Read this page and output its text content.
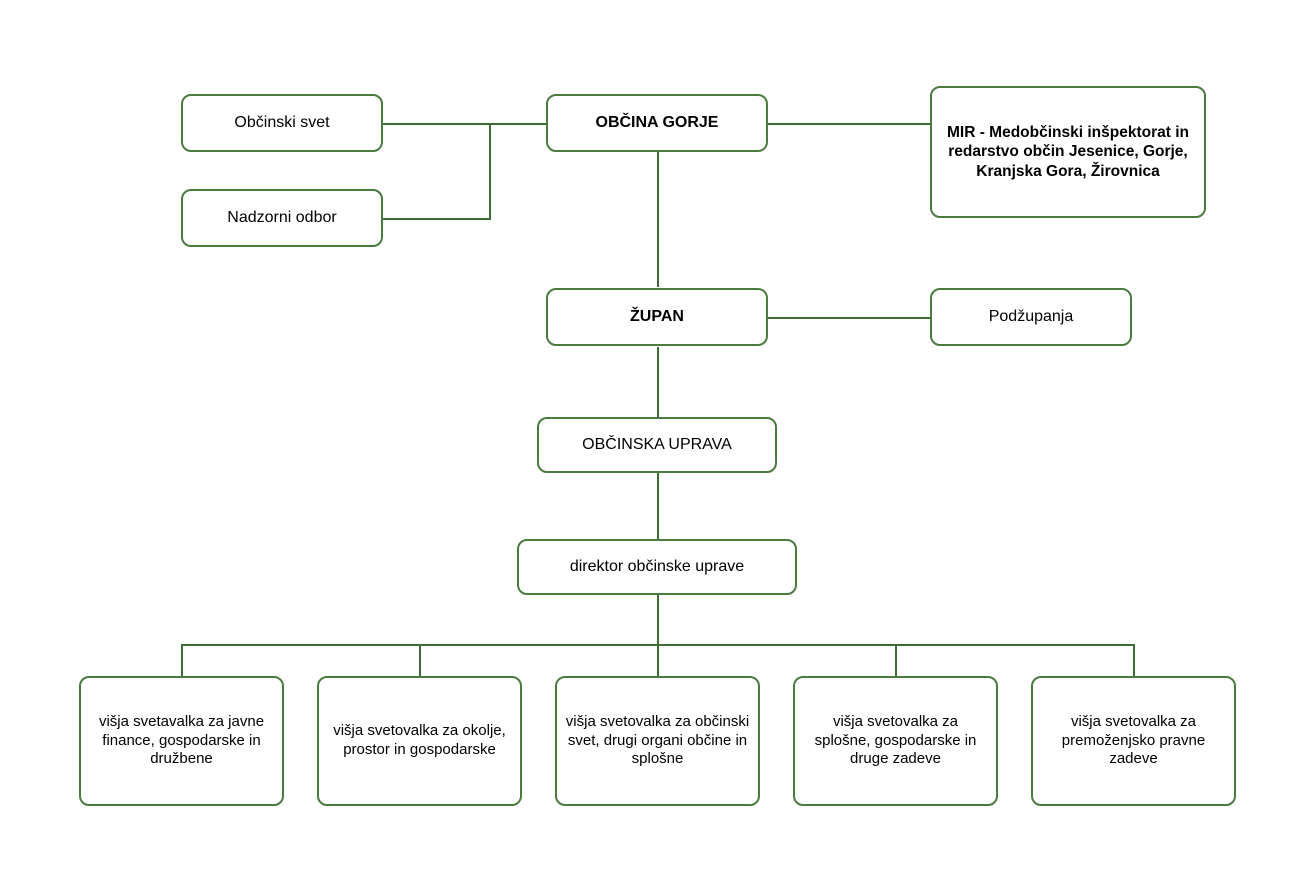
Občinski svet
Nadzorni odbor
OBČINA GORJE
MIR - Medobčinski inšpektorat in redarstvo občin Jesenice, Gorje, Kranjska Gora, Žirovnica
ŽUPAN	Podžupanja
OBČINSKA UPRAVA
direktor občinske uprave
višja svetavalka za javne finance, gospodarske in družbene
višja svetovalka za okolje, prostor in gospodarske
višja svetovalka za občinski svet, drugi organi občine in splošne
višja svetovalka za splošne, gospodarske in druge zadeve
višja svetovalka za premoženjsko pravne zadeve
